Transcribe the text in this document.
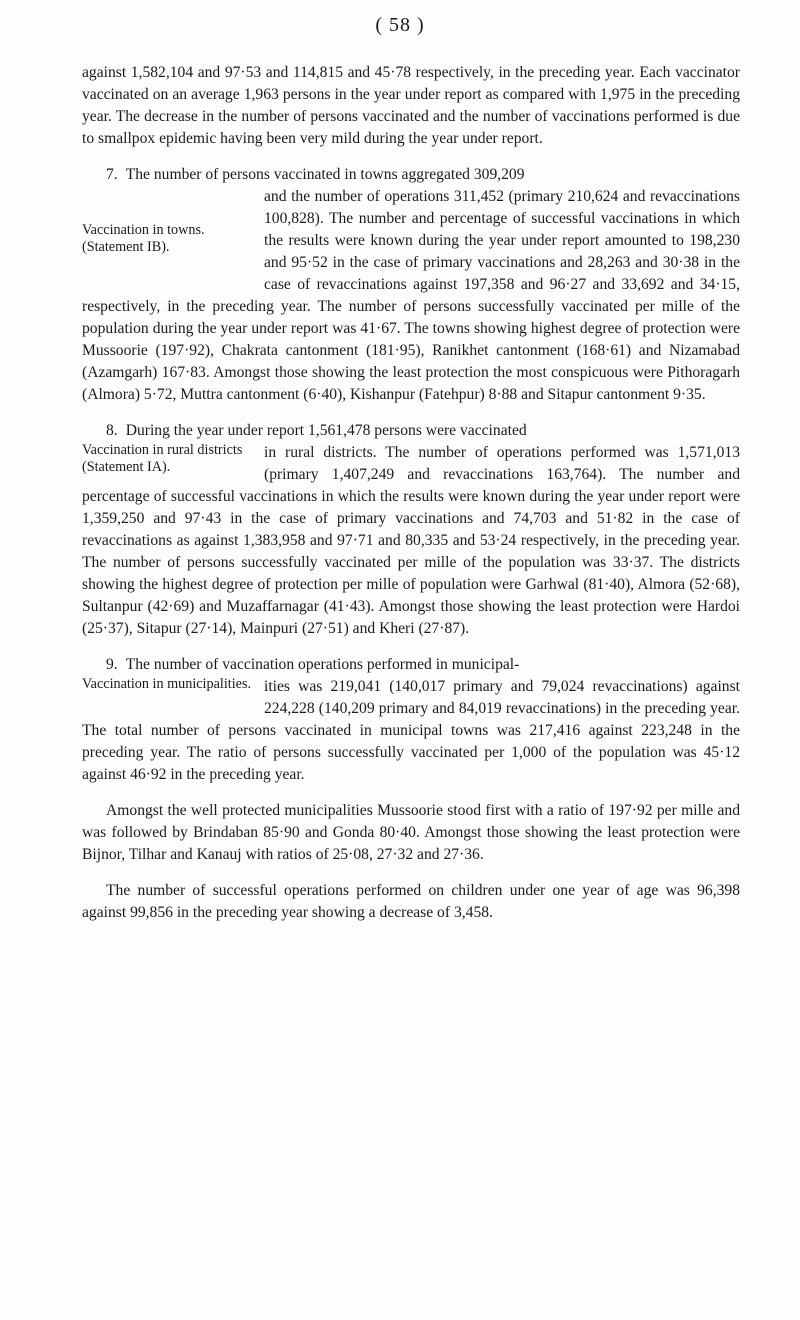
( 58 )

against 1,582,104 and 97·53 and 114,815 and 45·78 respectively, in the preceding year. Each vaccinator vaccinated on an average 1,963 persons in the year under report as compared with 1,975 in the preceding year. The decrease in the number of persons vaccinated and the number of vaccinations performed is due to smallpox epidemic having been very mild during the year under report.

7. The number of persons vaccinated in towns aggregated 309,209

Vaccination in towns. (Statement IB).

and the number of operations 311,452 (primary 210,624 and revaccinations 100,828). The number and percentage of successful vaccinations in which the results were known during the year under report amounted to 198,230 and 95·52 in the case of primary vaccinations and 28,263 and 30·38 in the case of revaccinations against 197,358 and 96·27 and 33,692 and 34·15, respectively, in the preceding year. The number of persons successfully vaccinated per mille of the population during the year under report was 41·67. The towns showing highest degree of protection were Mussoorie (197·92), Chakrata cantonment (181·95), Ranikhet cantonment (168·61) and Nizamabad (Azamgarh) 167·83. Amongst those showing the least protection the most conspicuous were Pithoragarh (Almora) 5·72, Muttra cantonment (6·40), Kishanpur (Fatehpur) 8·88 and Sitapur cantonment 9·35.

8. During the year under report 1,561,478 persons were vaccinated

Vaccination in rural districts (Statement IA).

in rural districts. The number of operations performed was 1,571,013 (primary 1,407,249 and revaccinations 163,764). The number and percentage of successful vaccinations in which the results were known during the year under report were 1,359,250 and 97·43 in the case of primary vaccinations and 74,703 and 51·82 in the case of revaccinations as against 1,383,958 and 97·71 and 80,335 and 53·24 respectively, in the preceding year. The number of persons successfully vaccinated per mille of the population was 33·37. The districts showing the highest degree of protection per mille of population were Garhwal (81·40), Almora (52·68), Sultanpur (42·69) and Muzaffarnagar (41·43). Amongst those showing the least protection were Hardoi (25·37), Sitapur (27·14), Mainpuri (27·51) and Kheri (27·87).

9. The number of vaccination operations performed in municipal-

Vaccination in municipalities. ities was 219,041 (140,017 primary and 79,024 revaccinations) against 224,228 (140,209 primary and 84,019 revaccinations) in the preceding year. The total number of persons vaccinated in municipal towns was 217,416 against 223,248 in the preceding year. The ratio of persons successfully vaccinated per 1,000 of the population was 45·12 against 46·92 in the preceding year.

Amongst the well protected municipalities Mussoorie stood first with a ratio of 197·92 per mille and was followed by Brindaban 85·90 and Gonda 80·40. Amongst those showing the least protection were Bijnor, Tilhar and Kanauj with ratios of 25·08, 27·32 and 27·36.

The number of successful operations performed on children under one year of age was 96,398 against 99,856 in the preceding year showing a decrease of 3,458.
